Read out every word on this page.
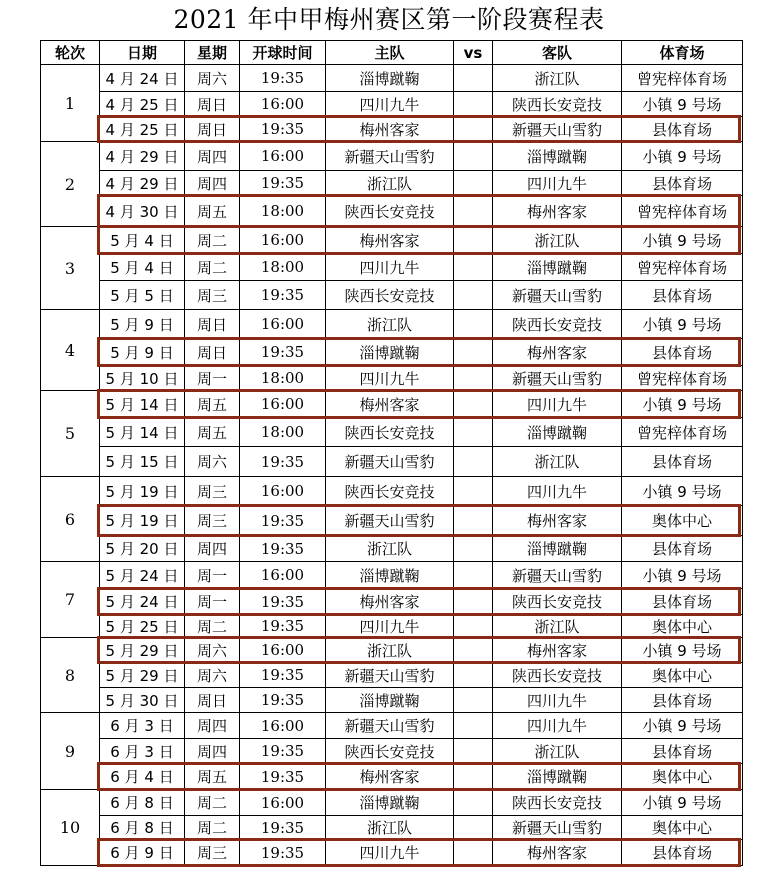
2021 年中甲梅州赛区第一阶段赛程表
轮次	日期	星期	开球时间	主队	vs	客队	体育场
1	4 月 24 日	周六	19:35	淄博蹴鞠		浙江队	曾宪梓体育场
	4 月 25 日	周日	16:00	四川九牛		陕西长安竞技	小镇 9 号场
	4 月 25 日	周日	19:35	梅州客家		新疆天山雪豹	县体育场
2	4 月 29 日	周四	16:00	新疆天山雪豹		淄博蹴鞠	小镇 9 号场
	4 月 29 日	周四	19:35	浙江队		四川九牛	县体育场
	4 月 30 日	周五	18:00	陕西长安竞技		梅州客家	曾宪梓体育场
3	5 月 4 日	周二	16:00	梅州客家		浙江队	小镇 9 号场
	5 月 4 日	周二	18:00	四川九牛		淄博蹴鞠	曾宪梓体育场
	5 月 5 日	周三	19:35	陕西长安竞技		新疆天山雪豹	县体育场
4	5 月 9 日	周日	16:00	浙江队		陕西长安竞技	小镇 9 号场
	5 月 9 日	周日	19:35	淄博蹴鞠		梅州客家	县体育场
	5 月 10 日	周一	18:00	四川九牛		新疆天山雪豹	曾宪梓体育场
5	5 月 14 日	周五	16:00	梅州客家		四川九牛	小镇 9 号场
	5 月 14 日	周五	18:00	陕西长安竞技		淄博蹴鞠	曾宪梓体育场
	5 月 15 日	周六	19:35	新疆天山雪豹		浙江队	县体育场
6	5 月 19 日	周三	16:00	陕西长安竞技		四川九牛	小镇 9 号场
	5 月 19 日	周三	19:35	新疆天山雪豹		梅州客家	奥体中心
	5 月 20 日	周四	19:35	浙江队		淄博蹴鞠	县体育场
7	5 月 24 日	周一	16:00	淄博蹴鞠		新疆天山雪豹	小镇 9 号场
	5 月 24 日	周一	19:35	梅州客家		陕西长安竞技	县体育场
	5 月 25 日	周二	19:35	四川九牛		浙江队	奥体中心
8	5 月 29 日	周六	16:00	浙江队		梅州客家	小镇 9 号场
	5 月 29 日	周六	19:35	新疆天山雪豹		陕西长安竞技	奥体中心
	5 月 30 日	周日	19:35	淄博蹴鞠		四川九牛	县体育场
9	6 月 3 日	周四	16:00	新疆天山雪豹		四川九牛	小镇 9 号场
	6 月 3 日	周四	19:35	陕西长安竞技		浙江队	县体育场
	6 月 4 日	周五	19:35	梅州客家		淄博蹴鞠	奥体中心
10	6 月 8 日	周二	16:00	淄博蹴鞠		陕西长安竞技	小镇 9 号场
	6 月 8 日	周二	19:35	浙江队		新疆天山雪豹	奥体中心
	6 月 9 日	周三	19:35	四川九牛		梅州客家	县体育场
